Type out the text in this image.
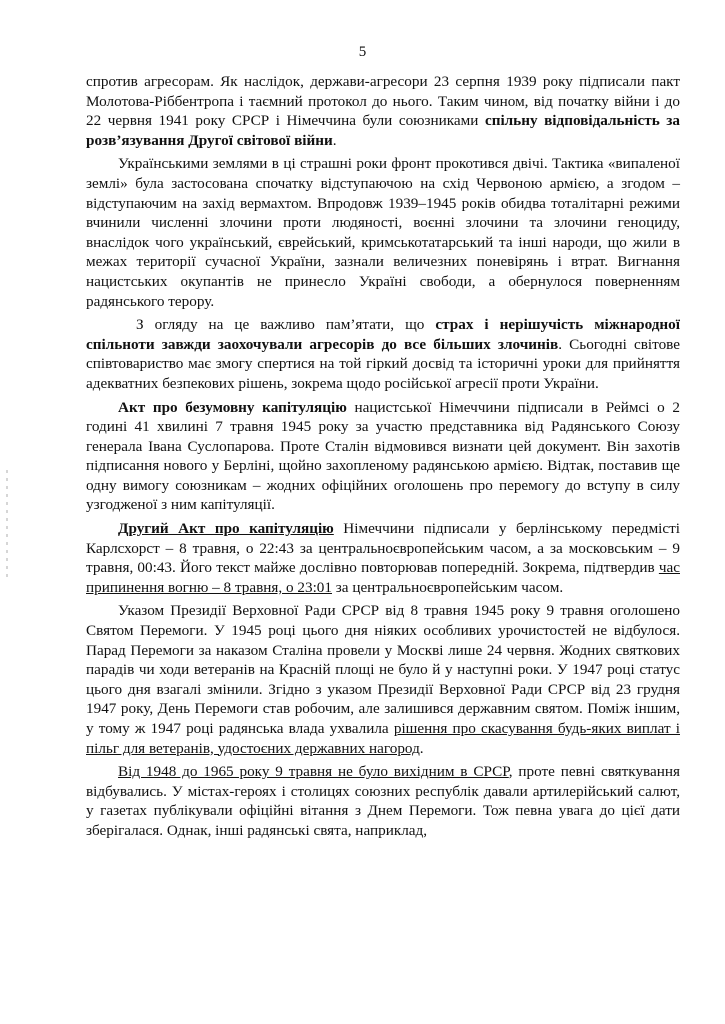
5

спротив агресорам. Як наслідок, держави-агресори 23 серпня 1939 року підписали пакт Молотова-Ріббентропа і таємний протокол до нього. Таким чином, від початку війни і до 22 червня 1941 року СРСР і Німеччина були союзниками спільну відповідальність за розв’язування Другої світової війни.

Українськими землями в ці страшні роки фронт прокотився двічі. Тактика «випаленої землі» була застосована спочатку відступаючою на схід Червоною армією, а згодом – відступаючим на захід вермахтом. Впродовж 1939–1945 років обидва тоталітарні режими вчинили численні злочини проти людяності, воєнні злочини та злочини геноциду, внаслідок чого український, єврейський, кримськотатарський та інші народи, що жили в межах території сучасної України, зазнали величезних поневірянь і втрат. Вигнання нацистських окупантів не принесло Україні свободи, а обернулося поверненням радянського терору.

З огляду на це важливо пам’ятати, що страх і нерішучість міжнародної спільноти завжди заохочували агресорів до все більших злочинів. Сьогодні світове співтовариство має змогу спертися на той гіркий досвід та історичні уроки для прийняття адекватних безпекових рішень, зокрема щодо російської агресії проти України.

Акт про безумовну капітуляцію нацистської Німеччини підписали в Реймсі о 2 годині 41 хвилині 7 травня 1945 року за участю представника від Радянського Союзу генерала Івана Суслопарова. Проте Сталін відмовився визнати цей документ. Він захотів підписання нового у Берліні, щойно захопленому радянською армією. Відтак, поставив ще одну вимогу союзникам – жодних офіційних оголошень про перемогу до вступу в силу узгодженої з ним капітуляції.

Другий Акт про капітуляцію Німеччини підписали у берлінському передмісті Карлсхорст – 8 травня, о 22:43 за центральноєвропейським часом, а за московським – 9 травня, 00:43. Його текст майже дослівно повторював попередній. Зокрема, підтвердив час припинення вогню – 8 травня, о 23:01 за центральноєвропейським часом.

Указом Президії Верховної Ради СРСР від 8 травня 1945 року 9 травня оголошено Святом Перемоги. У 1945 році цього дня ніяких особливих урочистостей не відбулося. Парад Перемоги за наказом Сталіна провели у Москві лише 24 червня. Жодних святкових парадів чи ходи ветеранів на Красній площі не було й у наступні роки. У 1947 році статус цього дня взагалі змінили. Згідно з указом Президії Верховної Ради СРСР від 23 грудня 1947 року, День Перемоги став робочим, але залишився державним святом. Поміж іншим, у тому ж 1947 році радянська влада ухвалила рішення про скасування будь-яких виплат і пільг для ветеранів, удостоєних державних нагород.

Від 1948 до 1965 року 9 травня не було вихідним в СРСР, проте певні святкування відбувались. У містах-героях і столицях союзних республік давали артилерійський салют, у газетах публікували офіційні вітання з Днем Перемоги. Тож певна увага до цієї дати зберігалася. Однак, інші радянські свята, наприклад,
